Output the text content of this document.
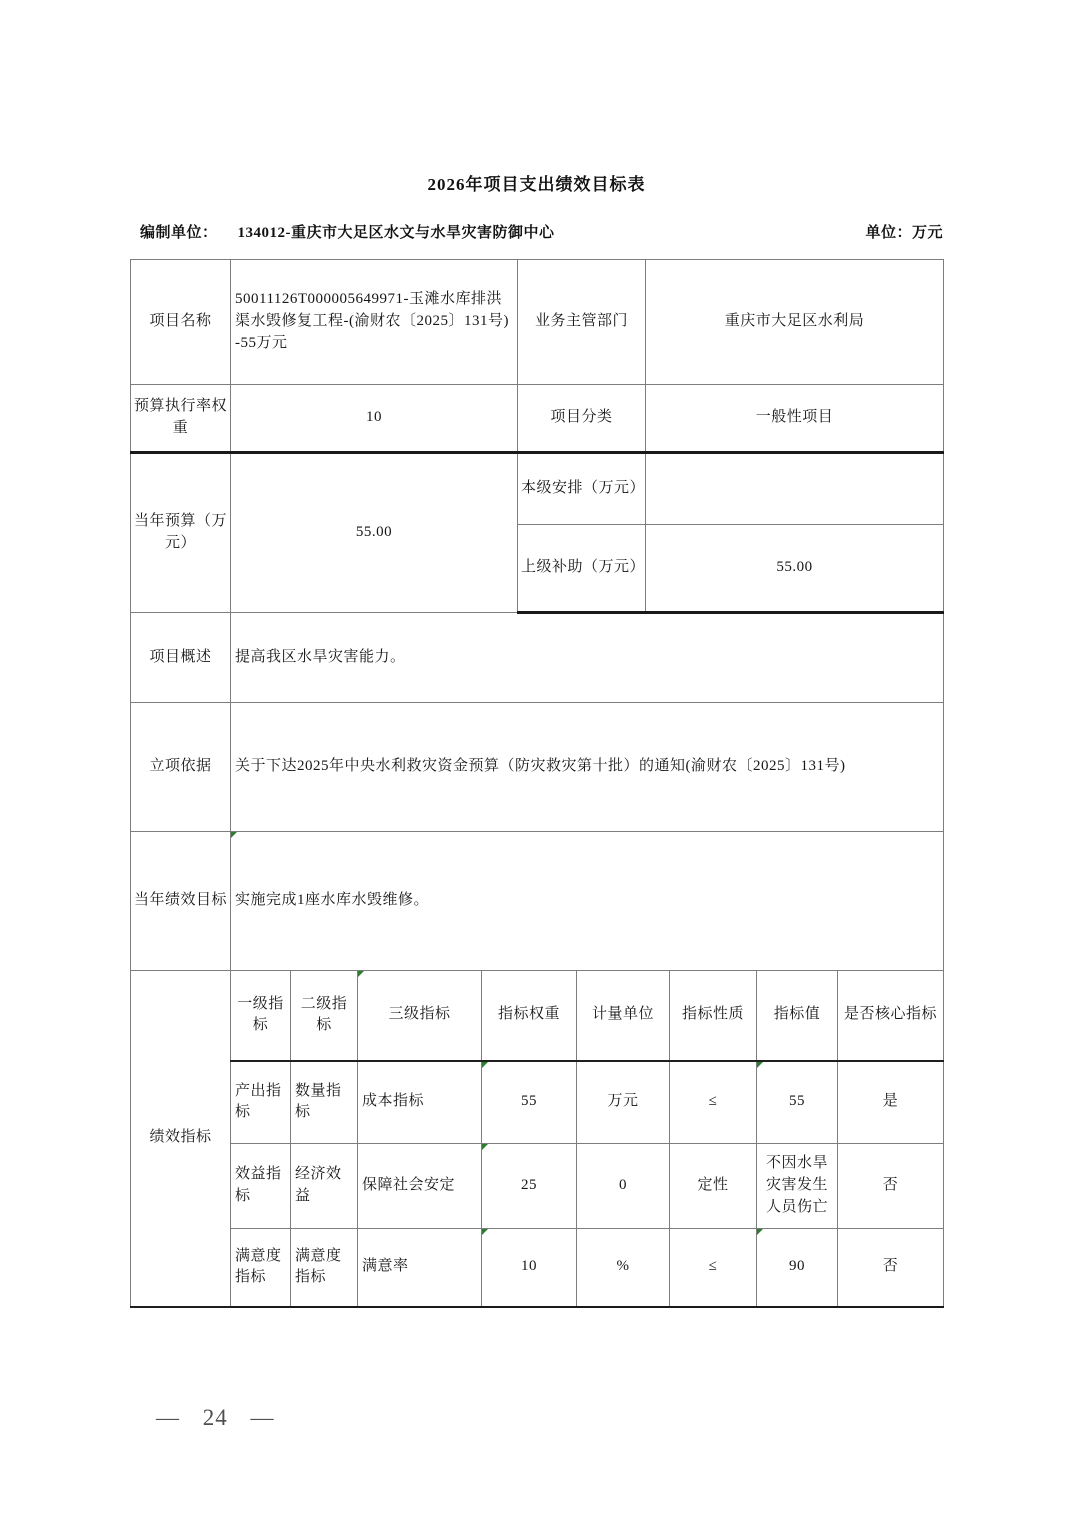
2026年项目支出绩效目标表
编制单位： 134012-重庆市大足区水文与水旱灾害防御中心	单位：万元
项目名称	50011126T000005649971-玉滩水库排洪渠水毁修复工程-(渝财农〔2025〕131号)-55万元	业务主管部门	重庆市大足区水利局
预算执行率权重	10	项目分类	一般性项目
当年预算（万元）	55.00	本级安排（万元）	
		上级补助（万元）	55.00
项目概述	提高我区水旱灾害能力。		
立项依据	关于下达2025年中央水利救灾资金预算（防灾救灾第十批）的通知(渝财农〔2025〕131号)		
当年绩效目标	实施完成1座水库水毁维修。		
绩效指标	一级指标	二级指标	三级指标	指标权重	计量单位	指标性质	指标值	是否核心指标
	产出指标	数量指标	成本指标	55	万元	≤	55	是
	效益指标	经济效益	保障社会安定	25	0	定性	不因水旱灾害发生人员伤亡	否
	满意度指标	满意度指标	满意率	10	%	≤	90	否
— 24 —
